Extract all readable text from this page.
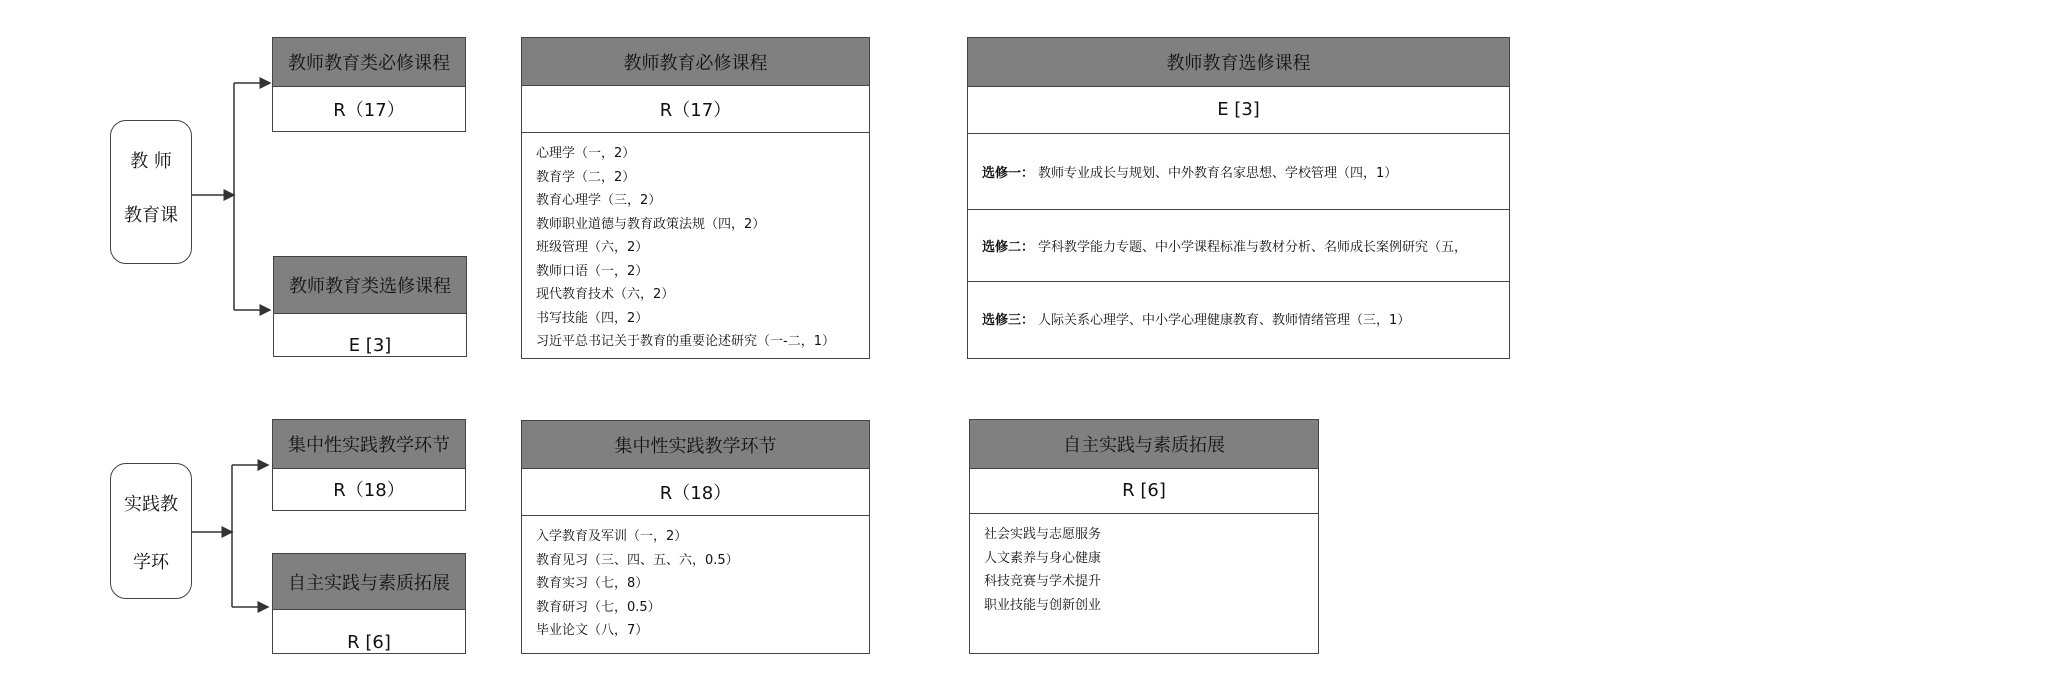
教 师
教育课
教师教育类必修课程
R（17）
教师教育类选修课程
E [3]
教师教育必修课程
R（17）
心理学（一，2）
教育学（二，2）
教育心理学（三，2）
教师职业道德与教育政策法规（四，2）
班级管理（六，2）
教师口语（一，2）
现代教育技术（六，2）
书写技能（四，2）
习近平总书记关于教育的重要论述研究（一-二，1）
教师教育选修课程
E [3]
选修一： 教师专业成长与规划、中外教育名家思想、学校管理（四，1）
选修二： 学科教学能力专题、中小学课程标准与教材分析、名师成长案例研究（五，
选修三： 人际关系心理学、中小学心理健康教育、教师情绪管理（三，1）
实践教
学环
集中性实践教学环节
R（18）
自主实践与素质拓展
R [6]
集中性实践教学环节
R（18）
入学教育及军训（一，2）
教育见习（三、四、五、六，0.5）
教育实习（七，8）
教育研习（七，0.5）
毕业论文（八，7）
自主实践与素质拓展
R [6]
社会实践与志愿服务
人文素养与身心健康
科技竞赛与学术提升
职业技能与创新创业
